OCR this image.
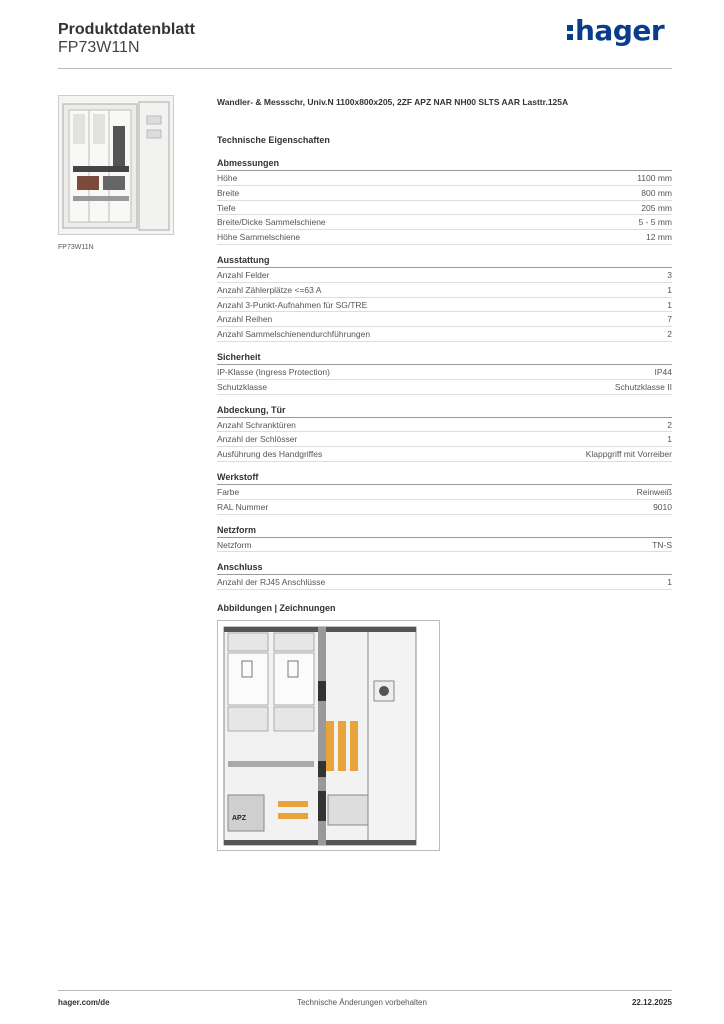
Produktdatenblatt
FP73W11N
hager
FP73W11N
Wandler- & Messschr, Univ.N 1100x800x205, 2ZF APZ NAR NH00 SLTS AAR Lasttr.125A
Technische Eigenschaften
Abmessungen
Höhe	1100 mm
Breite	800 mm
Tiefe	205 mm
Breite/Dicke Sammelschiene	5 - 5 mm
Höhe Sammelschiene	12 mm
Ausstattung
Anzahl Felder	3
Anzahl Zählerplätze <=63 A	1
Anzahl 3-Punkt-Aufnahmen für SG/TRE	1
Anzahl Reihen	7
Anzahl Sammelschienendurchführungen	2
Sicherheit
IP-Klasse (Ingress Protection)	IP44
Schutzklasse	Schutzklasse II
Abdeckung, Tür
Anzahl Schranktüren	2
Anzahl der Schlösser	1
Ausführung des Handgriffes	Klappgriff mit Vorreiber
Werkstoff
Farbe	Reinweiß
RAL Nummer	9010
Netzform
Netzform	TN-S
Anschluss
Anzahl der RJ45 Anschlüsse	1
Abbildungen | Zeichnungen
APZ
hager.com/de	Technische Änderungen vorbehalten	22.12.2025
